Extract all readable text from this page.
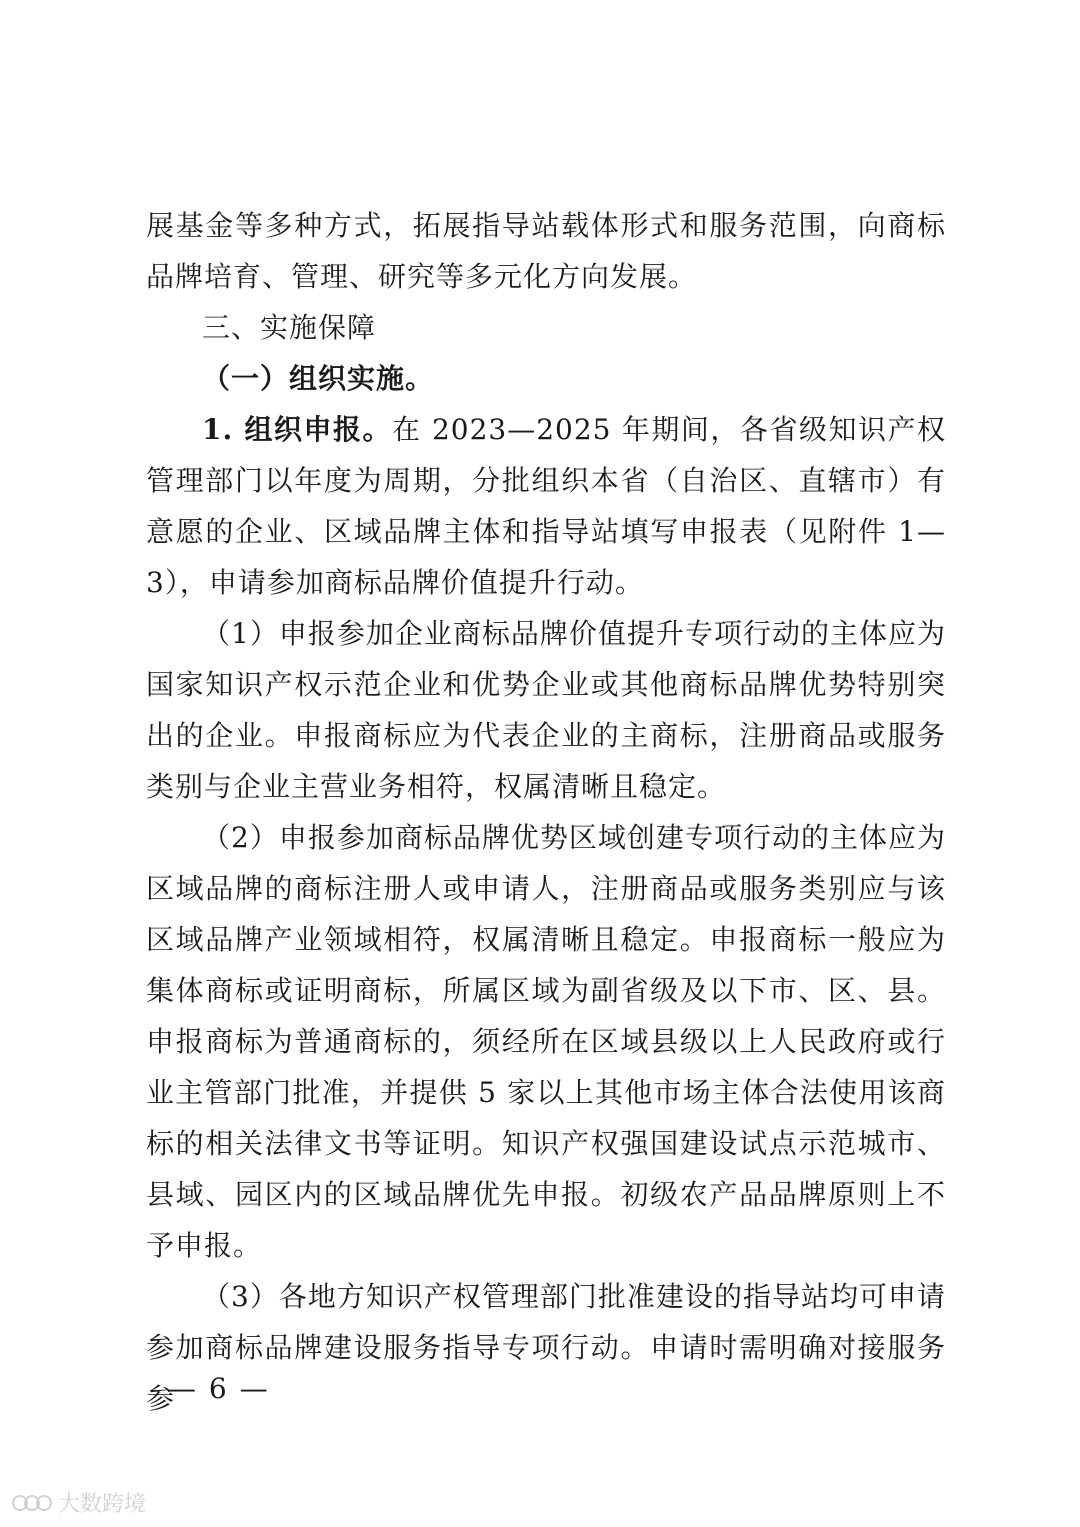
展基金等多种方式，拓展指导站载体形式和服务范围，向商标品牌培育、管理、研究等多元化方向发展。

三、实施保障

（一）组织实施。

1. 组织申报。在 2023—2025 年期间，各省级知识产权管理部门以年度为周期，分批组织本省（自治区、直辖市）有意愿的企业、区域品牌主体和指导站填写申报表（见附件 1—3），申请参加商标品牌价值提升行动。

（1）申报参加企业商标品牌价值提升专项行动的主体应为国家知识产权示范企业和优势企业或其他商标品牌优势特别突出的企业。申报商标应为代表企业的主商标，注册商品或服务类别与企业主营业务相符，权属清晰且稳定。

（2）申报参加商标品牌优势区域创建专项行动的主体应为区域品牌的商标注册人或申请人，注册商品或服务类别应与该区域品牌产业领域相符，权属清晰且稳定。申报商标一般应为集体商标或证明商标，所属区域为副省级及以下市、区、县。申报商标为普通商标的，须经所在区域县级以上人民政府或行业主管部门批准，并提供 5 家以上其他市场主体合法使用该商标的相关法律文书等证明。知识产权强国建设试点示范城市、县域、园区内的区域品牌优先申报。初级农产品品牌原则上不予申报。

（3）各地方知识产权管理部门批准建设的指导站均可申请参加商标品牌建设服务指导专项行动。申请时需明确对接服务参

— 6 —
大数跨境
